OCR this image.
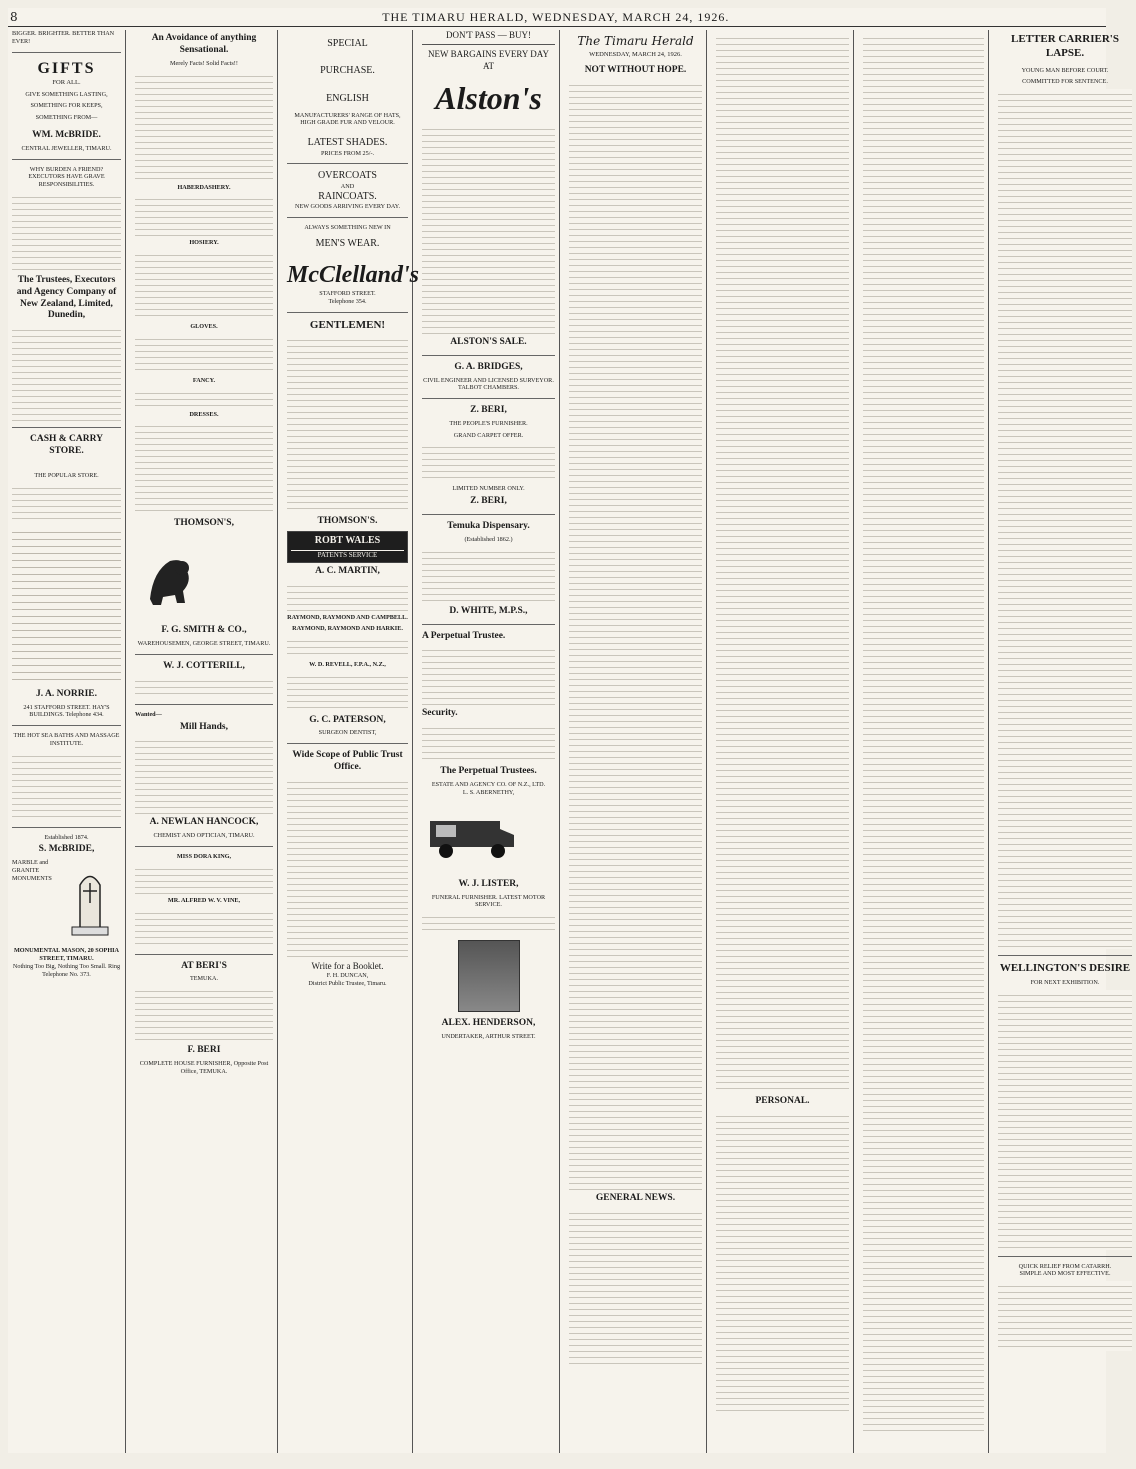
8	THE TIMARU HERALD, WEDNESDAY, MARCH 24, 1926.
BIGGER. BRIGHTER. BETTER THAN EVER!
GIFTS
FOR ALL.
GIVE SOMETHING LASTING,
SOMETHING FOR KEEPS,
SOMETHING FROM—
WM. McBRIDE.
CENTRAL JEWELLER, TIMARU.
WHY BURDEN A FRIEND?
EXECUTORS HAVE GRAVE RESPONSIBILITIES.
The Trustees, Executors and Agency Company of New Zealand, Limited, Dunedin,
CASH & CARRY STORE.
THE POPULAR STORE.
J. A. NORRIE.
241 STAFFORD STREET. HAY'S BUILDINGS. Telephone 434.
THE HOT SEA BATHS AND MASSAGE INSTITUTE.
Established 1874.
S. McBRIDE,
MARBLE and GRANITE MONUMENTS
MONUMENTAL MASON, 20 SOPHIA STREET, TIMARU.
Nothing Too Big, Nothing Too Small. Ring Telephone No. 373.
An Avoidance of anything Sensational.
Merely Facts! Solid Facts!!
HABERDASHERY.
HOSIERY.
GLOVES.
FANCY.
DRESSES.
THOMSON'S,
F. G. SMITH & CO.,
WAREHOUSEMEN, GEORGE STREET, TIMARU.
W. J. COTTERILL,
Wanted—
Mill Hands,
A. NEWLAN HANCOCK,
CHEMIST AND OPTICIAN, TIMARU.
MISS DORA KING,
MR. ALFRED W. V. VINE,
AT BERI'S
TEMUKA.
F. BERI
COMPLETE HOUSE FURNISHER, Opposite Post Office, TEMUKA.
SPECIAL
PURCHASE.
ENGLISH
MANUFACTURERS' RANGE OF HATS, HIGH GRADE FUR AND VELOUR.
LATEST SHADES.
PRICES FROM 25/-.
OVERCOATS
AND
RAINCOATS.
NEW GOODS ARRIVING EVERY DAY.
ALWAYS SOMETHING NEW IN
MEN'S WEAR.
McClelland's
STAFFORD STREET.
Telephone 354.
GENTLEMEN!
THOMSON'S.
ROBT WALES
PATENTS SERVICE
A. C. MARTIN,
RAYMOND, RAYMOND AND CAMPBELL.
RAYMOND, RAYMOND AND HARKIE.
W. D. REVELL, F.P.A., N.Z.,
G. C. PATERSON,
SURGEON DENTIST,
Wide Scope of Public Trust Office.
Write for a Booklet.
F. H. DUNCAN,
District Public Trustee, Timaru.
DON'T PASS — BUY!
NEW BARGAINS EVERY DAY AT
Alston's
ALSTON'S SALE.
G. A. BRIDGES,
CIVIL ENGINEER AND LICENSED SURVEYOR.
TALBOT CHAMBERS.
Z. BERI,
THE PEOPLE'S FURNISHER.
GRAND CARPET OFFER.
LIMITED NUMBER ONLY.
Z. BERI,
Temuka Dispensary.
(Established 1862.)
D. WHITE, M.P.S.,
A Perpetual Trustee.
Security.
The Perpetual Trustees.
ESTATE AND AGENCY CO. OF N.Z., LTD.
L. S. ABERNETHY,
W. J. LISTER,
FUNERAL FURNISHER. LATEST MOTOR SERVICE.
ALEX. HENDERSON,
UNDERTAKER, ARTHUR STREET.
The Timaru Herald
WEDNESDAY, MARCH 24, 1926.
NOT WITHOUT HOPE.
GENERAL NEWS.
PERSONAL.
LETTER CARRIER'S LAPSE.
YOUNG MAN BEFORE COURT.
COMMITTED FOR SENTENCE.
WELLINGTON'S DESIRE
FOR NEXT EXHIBITION.
QUICK RELIEF FROM CATARRH.
SIMPLE AND MOST EFFECTIVE.
